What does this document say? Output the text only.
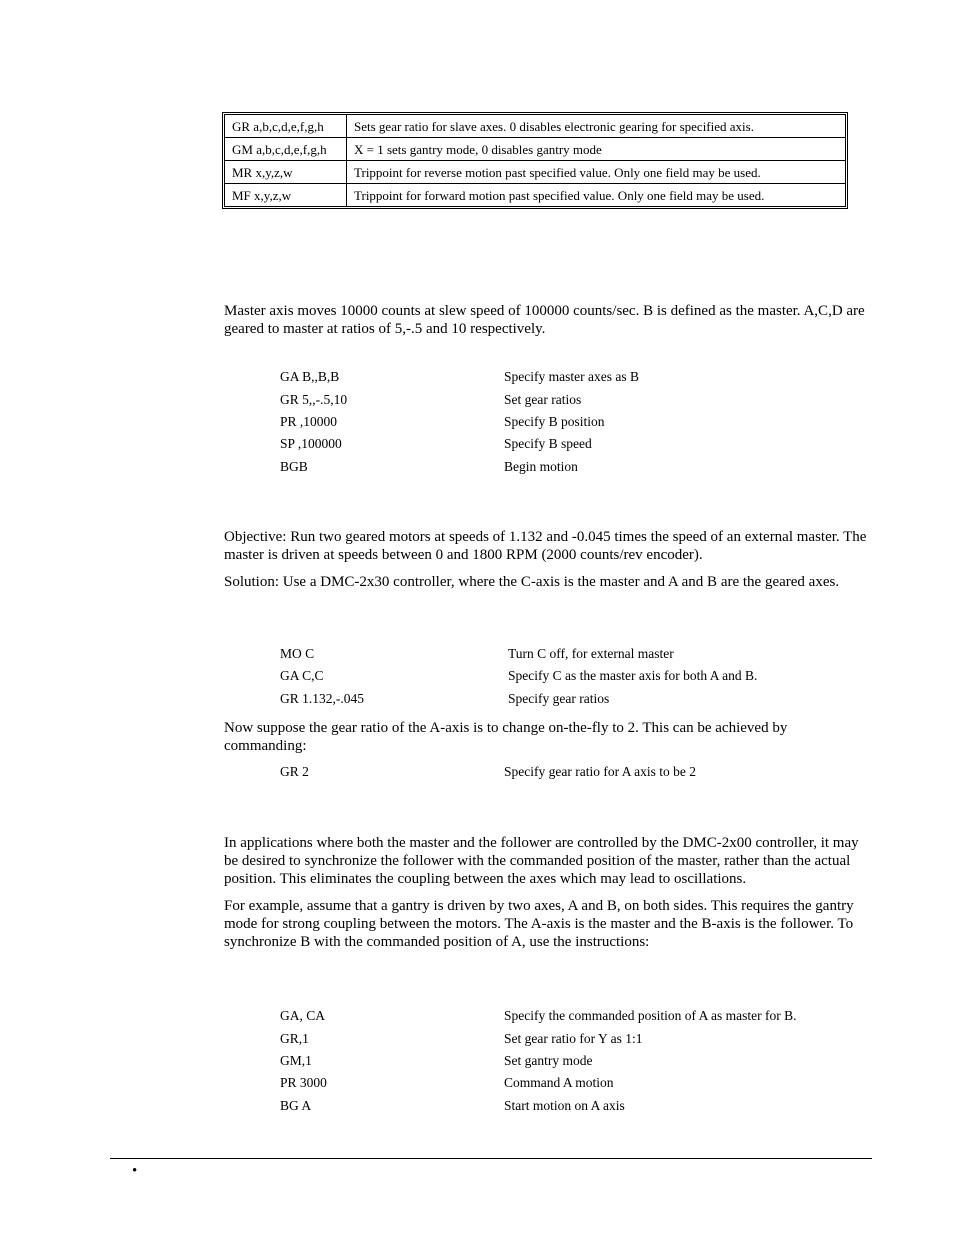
GR a,b,c,d,e,f,g,h	Sets gear ratio for slave axes. 0 disables electronic gearing for specified axis.
GM a,b,c,d,e,f,g,h	X = 1 sets gantry mode, 0 disables gantry mode
MR x,y,z,w	Trippoint for reverse motion past specified value. Only one field may be used.
MF x,y,z,w	Trippoint for forward motion past specified value. Only one field may be used.

Master axis moves 10000 counts at slew speed of 100000 counts/sec. B is defined as the master. A,C,D are geared to master at ratios of 5,-.5 and 10 respectively.

GA B,,B,B	Specify master axes as B
GR 5,,-.5,10	Set gear ratios
PR ,10000	Specify B position
SP ,100000	Specify B speed
BGB	Begin motion

Objective: Run two geared motors at speeds of 1.132 and -0.045 times the speed of an external master. The master is driven at speeds between 0 and 1800 RPM (2000 counts/rev encoder).

Solution: Use a DMC-2x30 controller, where the C-axis is the master and A and B are the geared axes.

MO C	Turn C off, for external master
GA C,C	Specify C as the master axis for both A and B.
GR 1.132,-.045	Specify gear ratios

Now suppose the gear ratio of the A-axis is to change on-the-fly to 2. This can be achieved by commanding:

GR 2	Specify gear ratio for A axis to be 2

In applications where both the master and the follower are controlled by the DMC-2x00 controller, it may be desired to synchronize the follower with the commanded position of the master, rather than the actual position. This eliminates the coupling between the axes which may lead to oscillations.

For example, assume that a gantry is driven by two axes, A and B, on both sides. This requires the gantry mode for strong coupling between the motors. The A-axis is the master and the B-axis is the follower. To synchronize B with the commanded position of A, use the instructions:

GA, CA	Specify the commanded position of A as master for B.
GR,1	Set gear ratio for Y as 1:1
GM,1	Set gantry mode
PR 3000	Command A motion
BG A	Start motion on A axis
•
